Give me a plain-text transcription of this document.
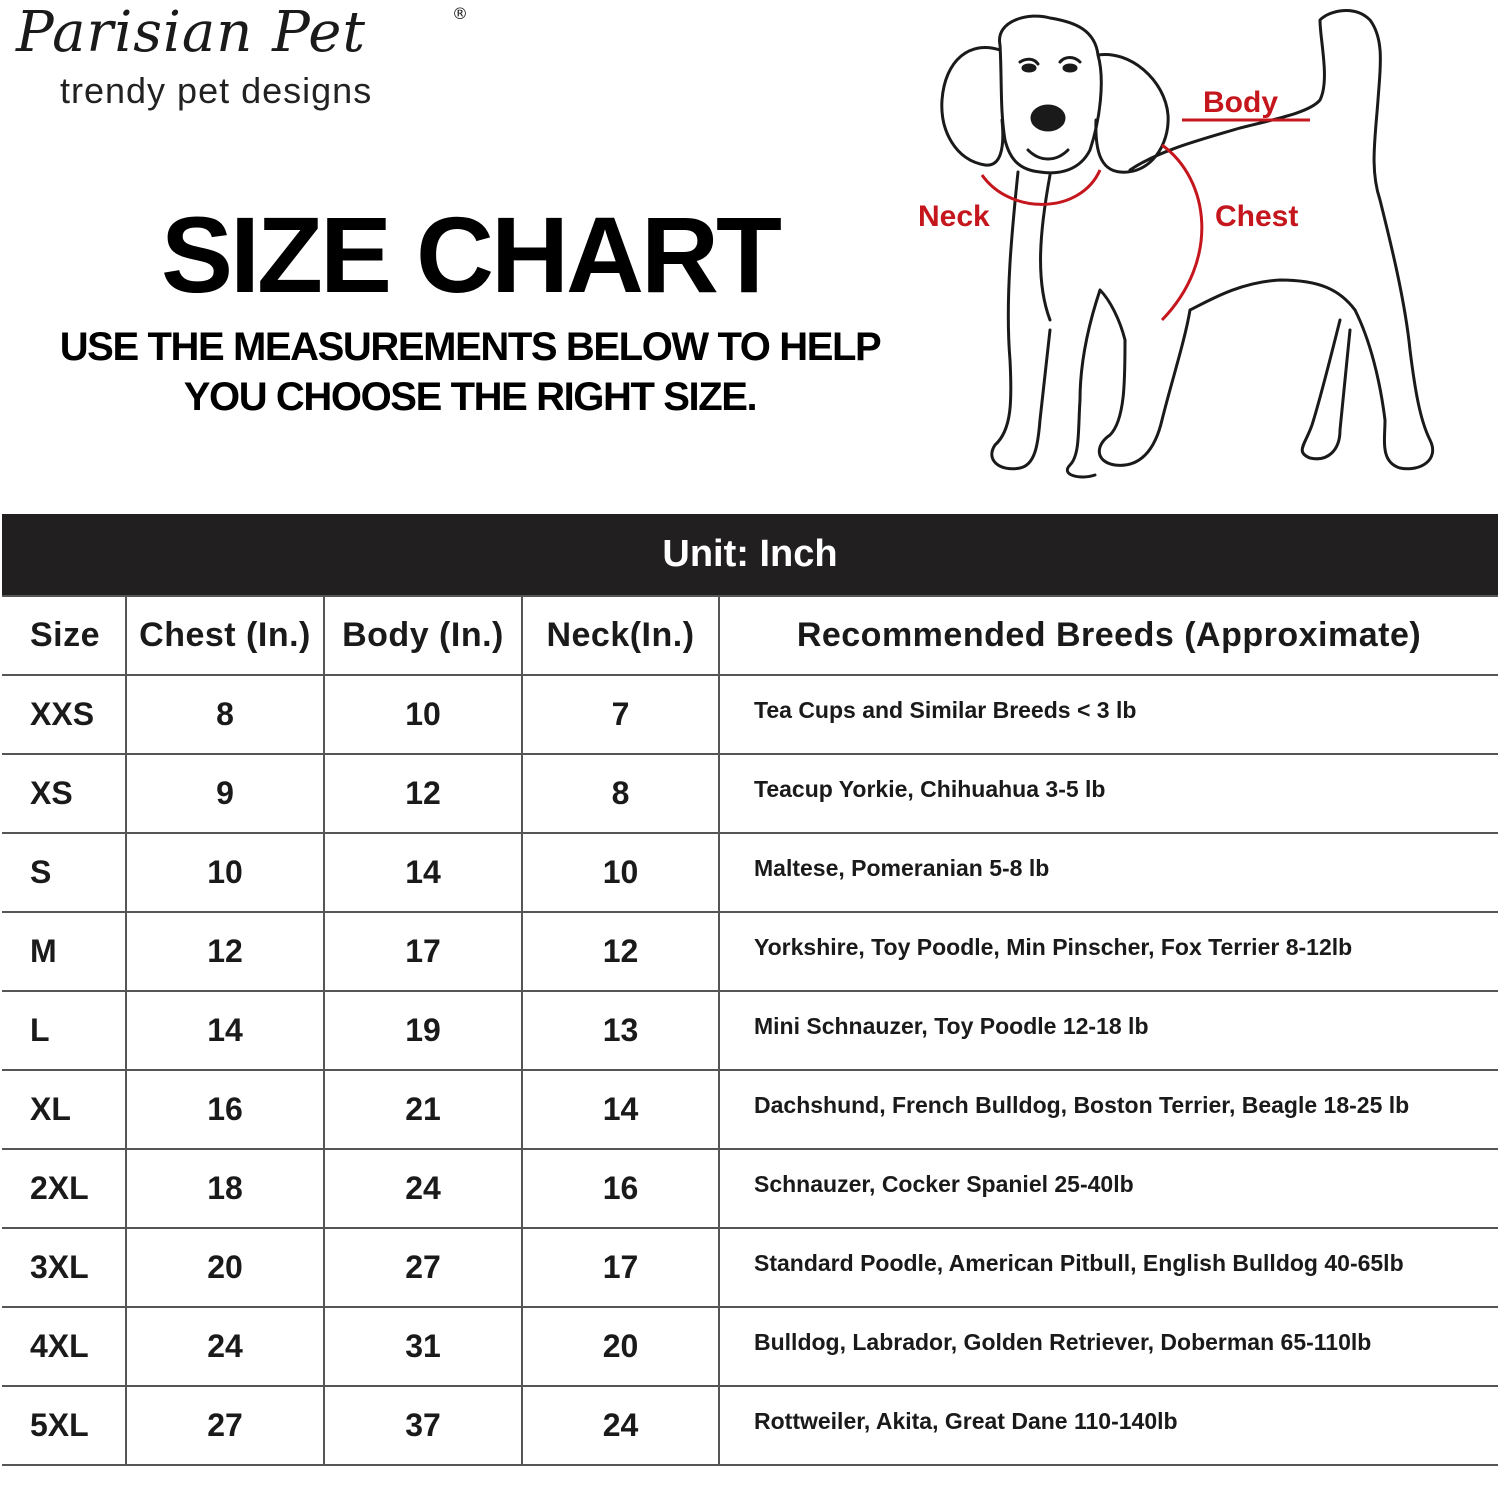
Parisian Pet	®
trendy pet designs
SIZE CHART
USE THE MEASUREMENTS BELOW TO HELP
YOU CHOOSE THE RIGHT SIZE.
Body
Neck	Chest
Unit: Inch
Size	Chest (In.)	Body (In.)	Neck(In.)	Recommended Breeds (Approximate)
XXS	8	10	7	Tea Cups and Similar Breeds < 3 lb
XS	9	12	8	Teacup Yorkie, Chihuahua 3-5 lb
S	10	14	10	Maltese, Pomeranian 5-8 lb
M	12	17	12	Yorkshire, Toy Poodle, Min Pinscher, Fox Terrier 8-12lb
L	14	19	13	Mini Schnauzer, Toy Poodle 12-18 lb
XL	16	21	14	Dachshund, French Bulldog, Boston Terrier, Beagle 18-25 lb
2XL	18	24	16	Schnauzer, Cocker Spaniel 25-40lb
3XL	20	27	17	Standard Poodle, American Pitbull, English Bulldog 40-65lb
4XL	24	31	20	Bulldog, Labrador, Golden Retriever, Doberman 65-110lb
5XL	27	37	24	Rottweiler, Akita, Great Dane 110-140lb
